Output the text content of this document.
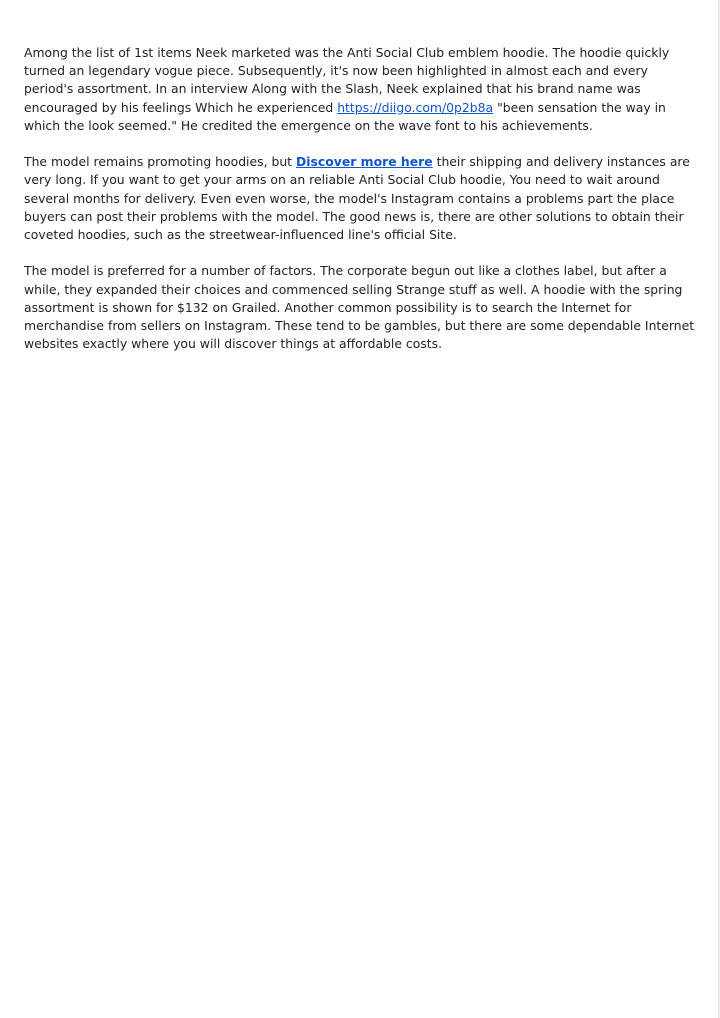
Among the list of 1st items Neek marketed was the Anti Social Club emblem hoodie. The hoodie quickly turned an legendary vogue piece. Subsequently, it's now been highlighted in almost each and every period's assortment. In an interview Along with the Slash, Neek explained that his brand name was encouraged by his feelings Which he experienced https://diigo.com/0p2b8a "been sensation the way in which the look seemed." He credited the emergence on the wave font to his achievements.

The model remains promoting hoodies, but Discover more here their shipping and delivery instances are very long. If you want to get your arms on an reliable Anti Social Club hoodie, You need to wait around several months for delivery. Even even worse, the model's Instagram contains a problems part the place buyers can post their problems with the model. The good news is, there are other solutions to obtain their coveted hoodies, such as the streetwear-influenced line's official Site.

The model is preferred for a number of factors. The corporate begun out like a clothes label, but after a while, they expanded their choices and commenced selling Strange stuff as well. A hoodie with the spring assortment is shown for $132 on Grailed. Another common possibility is to search the Internet for merchandise from sellers on Instagram. These tend to be gambles, but there are some dependable Internet websites exactly where you will discover things at affordable costs.
